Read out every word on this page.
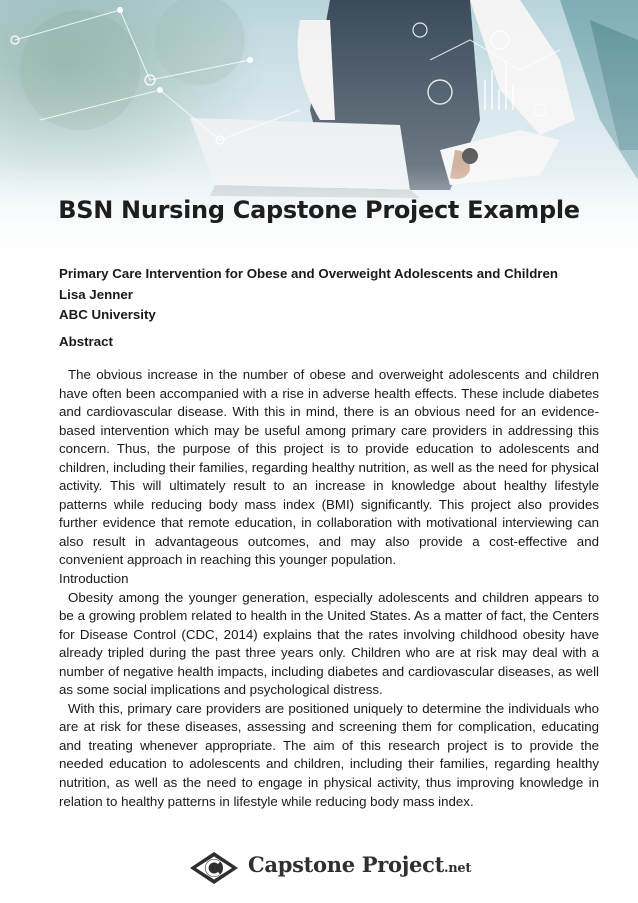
BSN Nursing Capstone Project Example
Primary Care Intervention for Obese and Overweight Adolescents and Children
Lisa Jenner
ABC University
Abstract

The obvious increase in the number of obese and overweight adolescents and children have often been accompanied with a rise in adverse health effects. These include diabetes and cardiovascular disease. With this in mind, there is an obvious need for an evidence-based intervention which may be useful among primary care providers in addressing this concern. Thus, the purpose of this project is to provide education to adolescents and children, including their families, regarding healthy nutrition, as well as the need for physical activity. This will ultimately result to an increase in knowledge about healthy lifestyle patterns while reducing body mass index (BMI) significantly. This project also provides further evidence that remote education, in collaboration with motivational interviewing can also result in advantageous outcomes, and may also provide a cost-effective and convenient approach in reaching this younger population.

Introduction

Obesity among the younger generation, especially adolescents and children appears to be a growing problem related to health in the United States. As a matter of fact, the Centers for Disease Control (CDC, 2014) explains that the rates involving childhood obesity have already tripled during the past three years only. Children who are at risk may deal with a number of negative health impacts, including diabetes and cardiovascular diseases, as well as some social implications and psychological distress.

With this, primary care providers are positioned uniquely to determine the individuals who are at risk for these diseases, assessing and screening them for complication, educating and treating whenever appropriate. The aim of this research project is to provide the needed education to adolescents and children, including their families, regarding healthy nutrition, as well as the need to engage in physical activity, thus improving knowledge in relation to healthy patterns in lifestyle while reducing body mass index.

Capstone Project.net
